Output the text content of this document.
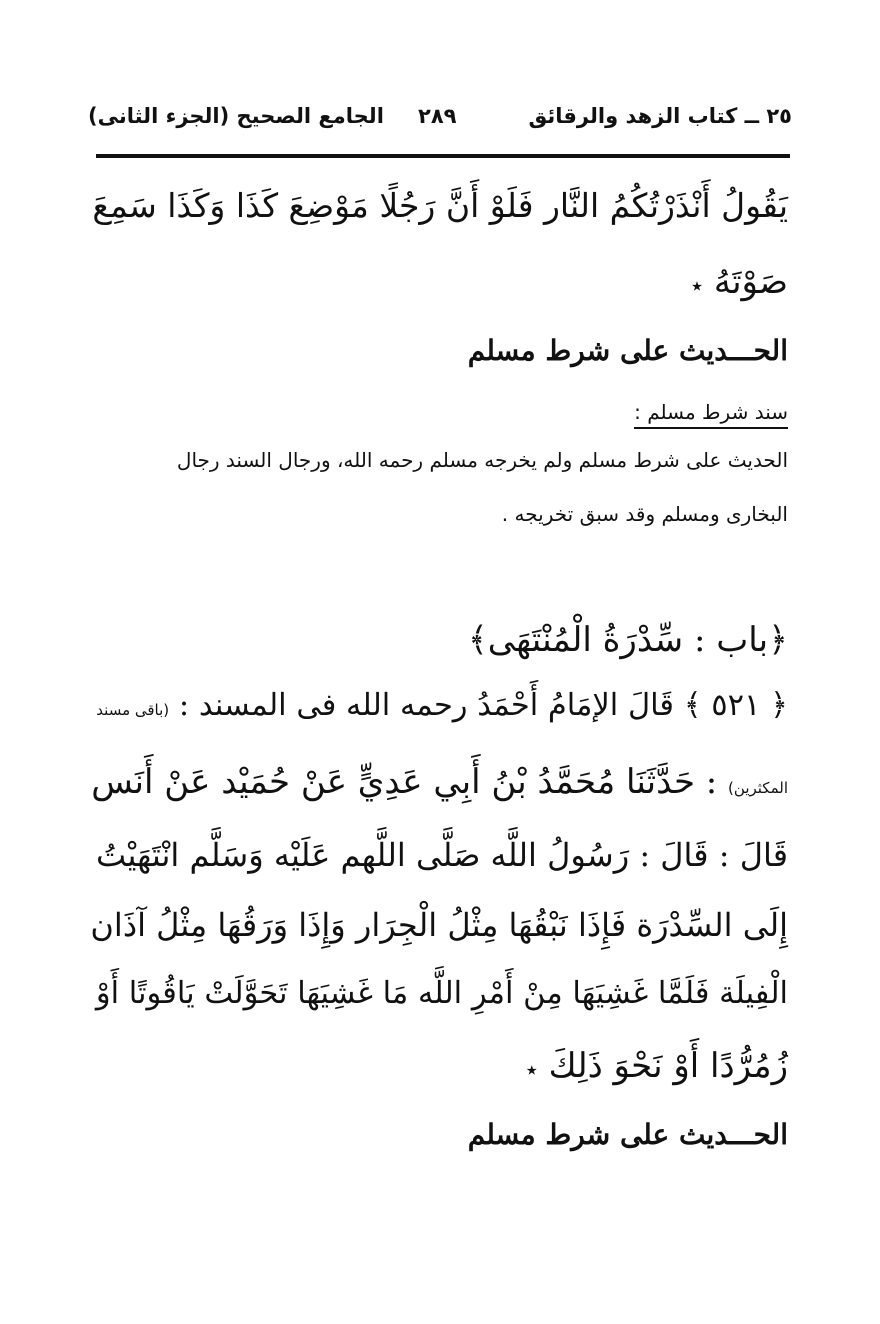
٢٥ ــ كتاب الزهد والرقائق
٢٨٩
الجامع الصحيح (الجزء الثانى)
يَقُولُ أَنْذَرْتُكُمُ النَّار فَلَوْ أَنَّ رَجُلًا مَوْضِعَ كَذَا وَكَذَا سَمِعَ
صَوْتَهُ ٭
الحـــديث على شرط مسلم
سند شرط مسلم :
الحديث على شرط مسلم ولم يخرجه مسلم رحمه الله، ورجال السند رجال
البخارى ومسلم وقد سبق تخريجه .
﴿باب : سِّدْرَةُ الْمُنْتَهَى﴾
﴿ ٥٢١ ﴾ قَالَ الإمَامُ أَحْمَدُ رحمه الله فى المسند : (باقى مسند
المكثرين) : حَدَّثَنَا مُحَمَّدُ بْنُ أَبِي عَدِيٍّ عَنْ حُمَيْد عَنْ أَنَس
قَالَ : قَالَ : رَسُولُ اللَّه صَلَّى اللَّهم عَلَيْه وَسَلَّم انْتَهَيْتُ
إِلَى السِّدْرَة فَإِذَا نَبْقُهَا مِثْلُ الْجِرَار وَإِذَا وَرَقُهَا مِثْلُ آذَان
الْفِيلَة فَلَمَّا غَشِيَهَا مِنْ أَمْرِ اللَّه مَا غَشِيَهَا تَحَوَّلَتْ يَاقُوتًا أَوْ
زُمُرُّدًا أَوْ نَحْوَ ذَلِكَ ٭
الحـــديث على شرط مسلم
